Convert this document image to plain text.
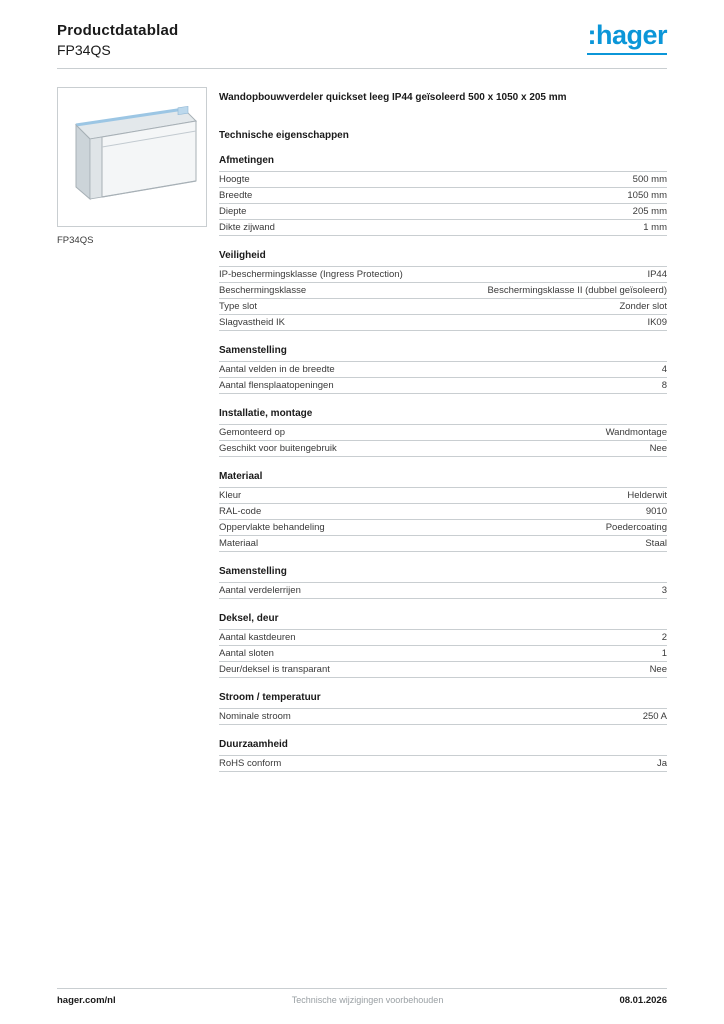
Productdatablad
FP34QS	:hager
FP34QS
Wandopbouwverdeler quickset leeg IP44 geïsoleerd 500 x 1050 x 205 mm
Technische eigenschappen
Afmetingen
Hoogte	500 mm
Breedte	1050 mm
Diepte	205 mm
Dikte zijwand	1 mm
Veiligheid
IP-beschermingsklasse (Ingress Protection)	IP44
Beschermingsklasse	Beschermingsklasse II (dubbel geïsoleerd)
Type slot	Zonder slot
Slagvastheid IK	IK09
Samenstelling
Aantal velden in de breedte	4
Aantal flensplaatopeningen	8
Installatie, montage
Gemonteerd op	Wandmontage
Geschikt voor buitengebruik	Nee
Materiaal
Kleur	Helderwit
RAL-code	9010
Oppervlakte behandeling	Poedercoating
Materiaal	Staal
Samenstelling
Aantal verdelerrijen	3
Deksel, deur
Aantal kastdeuren	2
Aantal sloten	1
Deur/deksel is transparant	Nee
Stroom / temperatuur
Nominale stroom	250 A
Duurzaamheid
RoHS conform	Ja
hager.com/nl	Technische wijzigingen voorbehouden	08.01.2026
